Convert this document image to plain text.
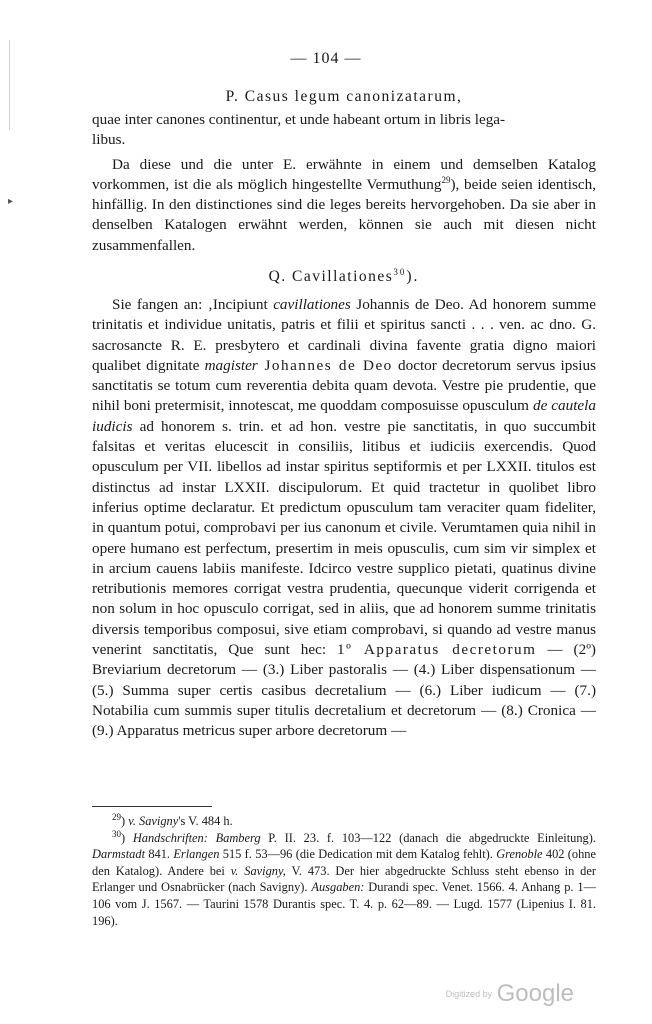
▸
— 104 —

P. Casus legum canonizatarum,

quae inter canones continentur, et unde habeant ortum in libris lega-
libus.

Da diese und die unter E. erwähnte in einem und demselben Katalog vorkommen, ist die als möglich hingestellte Vermuthung$^{29}$), beide seien identisch, hinfällig. In den distinctiones sind die leges bereits hervorgehoben. Da sie aber in denselben Katalogen erwähnt werden, können sie auch mit diesen nicht zusammenfallen.

Q. Cavillationes$^{30}$).

Sie fangen an: ‚Incipiunt cavillationes Johannis de Deo. Ad honorem summe trinitatis et individue unitatis, patris et filii et spiritus sancti . . . ven. ac dno. G. sacrosancte R. E. presbytero et cardinali divina favente gratia digno maiori qualibet dignitate magister Johannes de Deo doctor decretorum servus ipsius sanctitatis se totum cum reverentia debita quam devota. Vestre pie prudentie, que nihil boni pretermisit, innotescat, me quoddam composuisse opusculum de cautela iudicis ad honorem s. trin. et ad hon. vestre pie sanctitatis, in quo succumbit falsitas et veritas elucescit in consiliis, litibus et iudiciis exercendis. Quod opusculum per VII. libellos ad instar spiritus septiformis et per LXXII. titulos est distinctus ad instar LXXII. discipulorum. Et quid tractetur in quolibet libro inferius optime declaratur. Et predictum opusculum tam veraciter quam fideliter, in quantum potui, comprobavi per ius canonum et civile. Verumtamen quia nihil in opere humano est perfectum, presertim in meis opusculis, cum sim vir simplex et in arcium cauens labiis manifeste. Idcirco vestre supplico pietati, quatinus divine retributionis memores corrigat vestra prudentia, quecunque viderit corrigenda et non solum in hoc opusculo corrigat, sed in aliis, que ad honorem summe trinitatis diversis temporibus composui, sive etiam comprobavi, si quando ad vestre manus venerint sanctitatis, Que sunt hec: 1º Apparatus decretorum — (2º) Breviarium decretorum — (3.) Liber pastoralis — (4.) Liber dispensationum — (5.) Summa super certis casibus decretalium — (6.) Liber iudicum — (7.) Notabilia cum summis super titulis decretalium et decretorum — (8.) Cronica — (9.) Apparatus metricus super arbore decretorum —

$^{29}$) v. Savigny's V. 484 h.

$^{30}$) Handschriften: Bamberg P. II. 23. f. 103—122 (danach die abgedruckte Einleitung). Darmstadt 841. Erlangen 515 f. 53—96 (die Dedication mit dem Katalog fehlt). Grenoble 402 (ohne den Katalog). Andere bei v. Savigny, V. 473. Der hier abgedruckte Schluss steht ebenso in der Erlanger und Osnabrücker (nach Savigny). Ausgaben: Durandi spec. Venet. 1566. 4. Anhang p. 1—106 vom J. 1567. — Taurini 1578 Durantis spec. T. 4. p. 62—89. — Lugd. 1577 (Lipenius I. 81. 196).

Digitized by Google
